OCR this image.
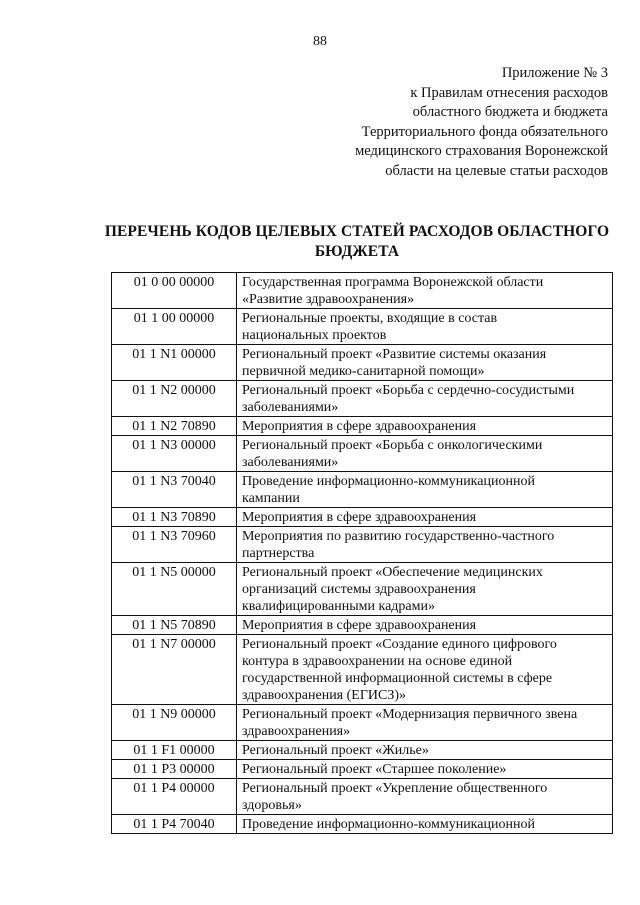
88
Приложение № 3
к Правилам отнесения расходов
областного бюджета и бюджета
Территориального фонда обязательного
медицинского страхования Воронежской
области на целевые статьи расходов
ПЕРЕЧЕНЬ КОДОВ ЦЕЛЕВЫХ СТАТЕЙ РАСХОДОВ ОБЛАСТНОГО
БЮДЖЕТА
01 0 00 00000	Государственная программа Воронежской области
«Развитие здравоохранения»

01 1 00 00000	Региональные проекты, входящие в состав
национальных проектов

01 1 N1 00000	Региональный проект «Развитие системы оказания
первичной медико-санитарной помощи»

01 1 N2 00000	Региональный проект «Борьба с сердечно-сосудистыми
заболеваниями»

01 1 N2 70890	Мероприятия в сфере здравоохранения

01 1 N3 00000	Региональный проект «Борьба с онкологическими
заболеваниями»

01 1 N3 70040	Проведение информационно-коммуникационной
кампании

01 1 N3 70890	Мероприятия в сфере здравоохранения

01 1 N3 70960	Мероприятия по развитию государственно-частного
партнерства

01 1 N5 00000	Региональный проект «Обеспечение медицинских
организаций системы здравоохранения
квалифицированными кадрами»

01 1 N5 70890	Мероприятия в сфере здравоохранения

01 1 N7 00000	Региональный проект «Создание единого цифрового
контура в здравоохранении на основе единой
государственной информационной системы в сфере
здравоохранения (ЕГИСЗ)»

01 1 N9 00000	Региональный проект «Модернизация первичного звена
здравоохранения»

01 1 F1 00000	Региональный проект «Жилье»

01 1 P3 00000	Региональный проект «Старшее поколение»

01 1 P4 00000	Региональный проект «Укрепление общественного
здоровья»

01 1 P4 70040	Проведение информационно-коммуникационной
